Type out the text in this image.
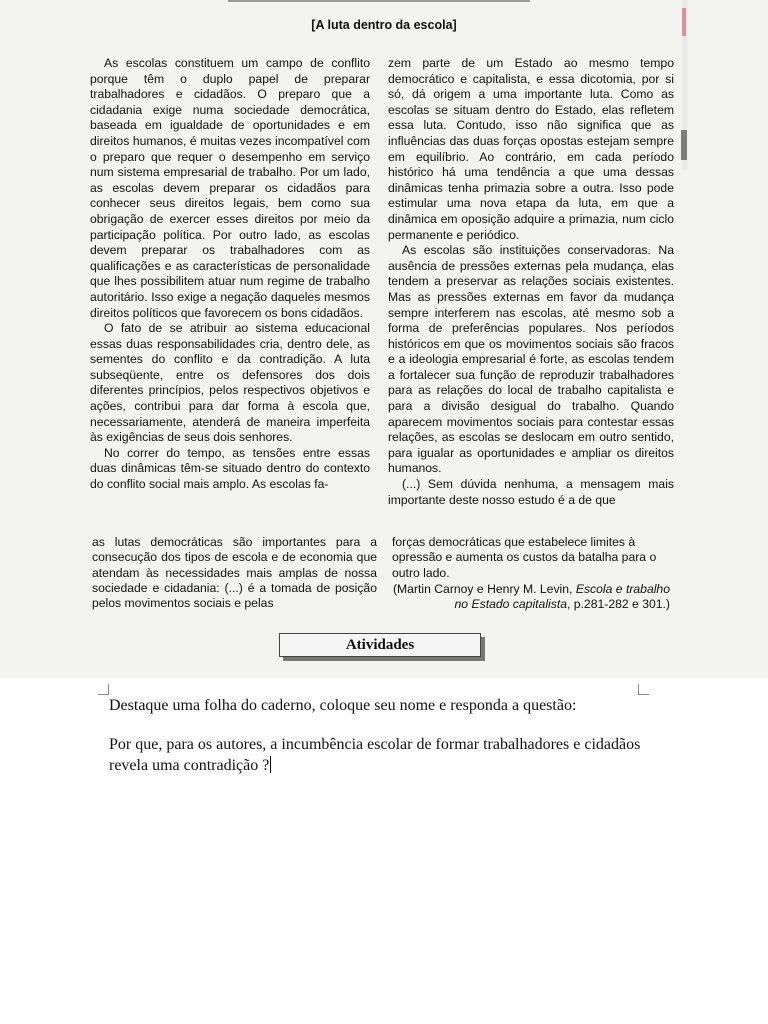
[A luta dentro da escola]

As escolas constituem um campo de conflito porque têm o duplo papel de preparar trabalhadores e cidadãos. O preparo que a cidadania exige numa sociedade democrática, baseada em igualdade de oportunidades e em direitos humanos, é muitas vezes incompatível com o preparo que requer o desempenho em serviço num sistema empresarial de trabalho. Por um lado, as escolas devem preparar os cidadãos para conhecer seus direitos legais, bem como sua obrigação de exercer esses direitos por meio da participação política. Por outro lado, as escolas devem preparar os trabalhadores com as qualificações e as características de personalidade que lhes possibilitem atuar num regime de trabalho autoritário. Isso exige a negação daqueles mesmos direitos políticos que favorecem os bons cidadãos.

O fato de se atribuir ao sistema educacional essas duas responsabilidades cria, dentro dele, as sementes do conflito e da contradição. A luta subseqüente, entre os defensores dos dois diferentes princípios, pelos respectivos objetivos e ações, contribui para dar forma à escola que, necessariamente, atenderá de maneira imperfeita às exigências de seus dois senhores.

No correr do tempo, as tensões entre essas duas dinâmicas têm-se situado dentro do contexto do conflito social mais amplo. As escolas fa-

zem parte de um Estado ao mesmo tempo democrático e capitalista, e essa dicotomia, por si só, dá origem a uma importante luta. Como as escolas se situam dentro do Estado, elas refletem essa luta. Contudo, isso não significa que as influências das duas forças opostas estejam sempre em equilíbrio. Ao contrário, em cada período histórico há uma tendência a que uma dessas dinâmicas tenha primazia sobre a outra. Isso pode estimular uma nova etapa da luta, em que a dinâmica em oposição adquire a primazia, num ciclo permanente e periódico.

As escolas são instituições conservadoras. Na ausência de pressões externas pela mudança, elas tendem a preservar as relações sociais existentes. Mas as pressões externas em favor da mudança sempre interferem nas escolas, até mesmo sob a forma de preferências populares. Nos períodos históricos em que os movimentos sociais são fracos e a ideologia empresarial é forte, as escolas tendem a fortalecer sua função de reproduzir trabalhadores para as relações do local de trabalho capitalista e para a divisão desigual do trabalho. Quando aparecem movimentos sociais para contestar essas relações, as escolas se deslocam em outro sentido, para igualar as oportunidades e ampliar os direitos humanos.

(...) Sem dúvida nenhuma, a mensagem mais importante deste nosso estudo é a de que

as lutas democráticas são importantes para a consecução dos tipos de escola e de economia que atendam às necessidades mais amplas de nossa sociedade e cidadania: (...) é a tomada de posição pelos movimentos sociais e pelas
forças democráticas que estabelece limites à opressão e aumenta os custos da batalha para o outro lado.
(Martin Carnoy e Henry M. Levin, Escola e trabalho no Estado capitalista, p.281-282 e 301.)
Atividades
Destaque uma folha do caderno, coloque seu nome e responda a questão:
Por que, para os autores, a incumbência escolar de formar trabalhadores e cidadãos revela uma contradição ?
